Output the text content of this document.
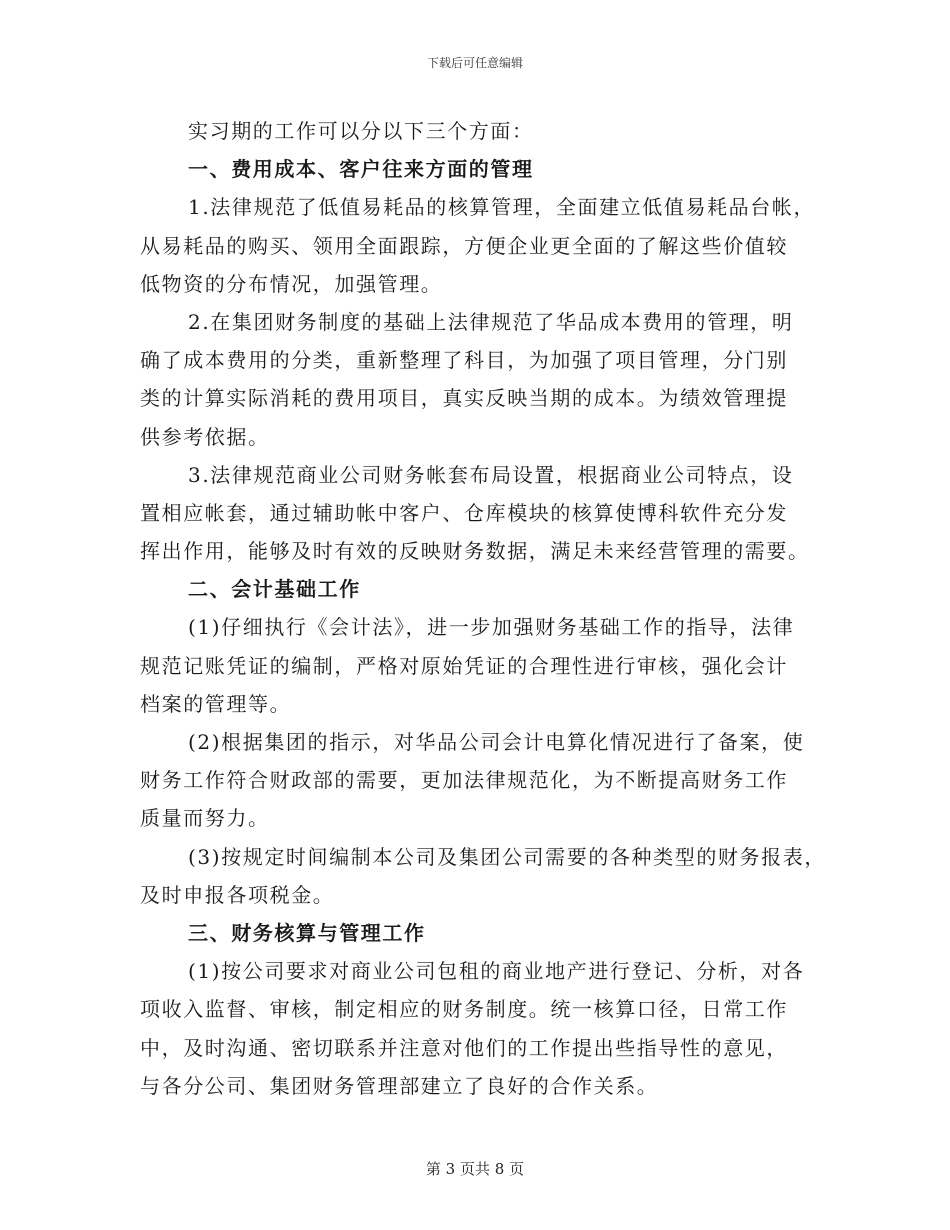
下载后可任意编辑
实习期的工作可以分以下三个方面：
一、费用成本、客户往来方面的管理
1.法律规范了低值易耗品的核算管理，全面建立低值易耗品台帐，
从易耗品的购买、领用全面跟踪，方便企业更全面的了解这些价值较
低物资的分布情况，加强管理。
2.在集团财务制度的基础上法律规范了华品成本费用的管理，明
确了成本费用的分类，重新整理了科目，为加强了项目管理，分门别
类的计算实际消耗的费用项目，真实反映当期的成本。为绩效管理提
供参考依据。
3.法律规范商业公司财务帐套布局设置，根据商业公司特点，设
置相应帐套，通过辅助帐中客户、仓库模块的核算使博科软件充分发
挥出作用，能够及时有效的反映财务数据，满足未来经营管理的需要。
二、会计基础工作
(1)仔细执行《会计法》，进一步加强财务基础工作的指导，法律
规范记账凭证的编制，严格对原始凭证的合理性进行审核，强化会计
档案的管理等。
(2)根据集团的指示，对华品公司会计电算化情况进行了备案，使
财务工作符合财政部的需要，更加法律规范化，为不断提高财务工作
质量而努力。
(3)按规定时间编制本公司及集团公司需要的各种类型的财务报表，
及时申报各项税金。
三、财务核算与管理工作
(1)按公司要求对商业公司包租的商业地产进行登记、分析，对各
项收入监督、审核，制定相应的财务制度。统一核算口径，日常工作
中，及时沟通、密切联系并注意对他们的工作提出些指导性的意见，
与各分公司、集团财务管理部建立了良好的合作关系。
第 3 页共 8 页
